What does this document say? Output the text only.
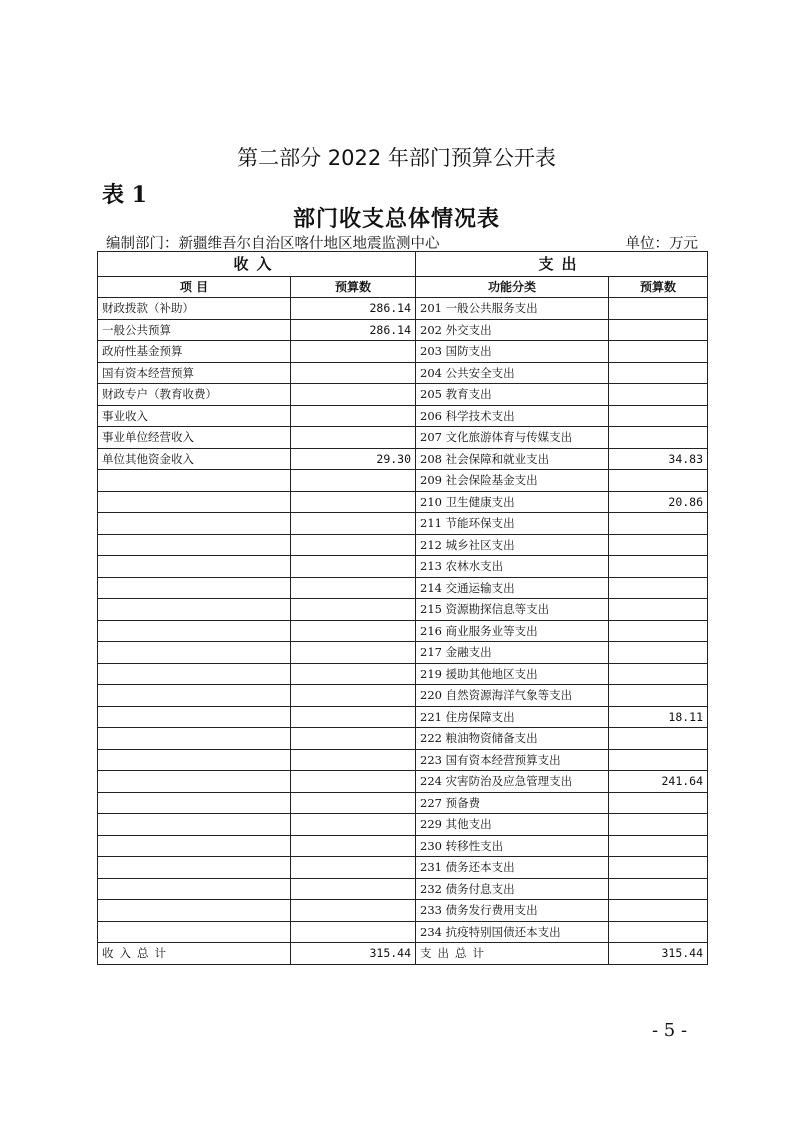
第二部分 2022 年部门预算公开表
表 1
部门收支总体情况表
编制部门：新疆维吾尔自治区喀什地区地震监测中心	单位：万元
收入		支出	
项 目	预算数	功能分类	预算数
财政拨款（补助）	286.14	201 一般公共服务支出	
一般公共预算	286.14	202 外交支出	
政府性基金预算		203 国防支出	
国有资本经营预算		204 公共安全支出	
财政专户（教育收费）		205 教育支出	
事业收入		206 科学技术支出	
事业单位经营收入		207 文化旅游体育与传媒支出	
单位其他资金收入	29.30	208 社会保障和就业支出	34.83
		209 社会保险基金支出	
		210 卫生健康支出	20.86
		211 节能环保支出	
		212 城乡社区支出	
		213 农林水支出	
		214 交通运输支出	
		215 资源勘探信息等支出	
		216 商业服务业等支出	
		217 金融支出	
		219 援助其他地区支出	
		220 自然资源海洋气象等支出	
		221 住房保障支出	18.11
		222 粮油物资储备支出	
		223 国有资本经营预算支出	
		224 灾害防治及应急管理支出	241.64
		227 预备费	
		229 其他支出	
		230 转移性支出	
		231 债务还本支出	
		232 债务付息支出	
		233 债务发行费用支出	
		234 抗疫特别国债还本支出	
收入总计	315.44	支出总计	315.44
- 5 -
